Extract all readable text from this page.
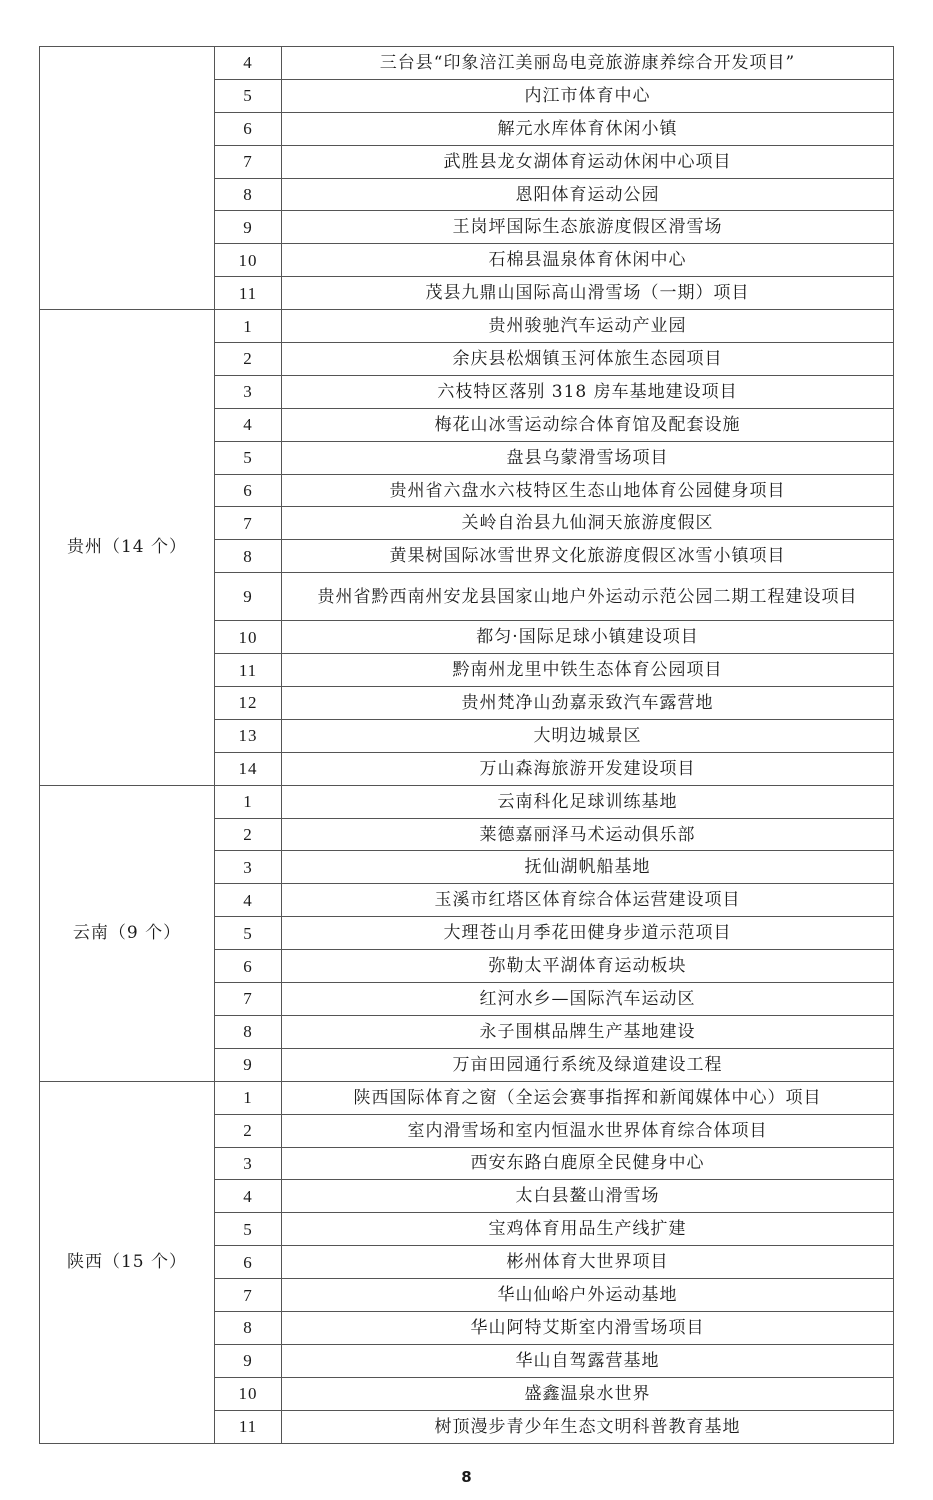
	4	三台县“印象涪江美丽岛电竞旅游康养综合开发项目”
	5	内江市体育中心
	6	解元水库体育休闲小镇
	7	武胜县龙女湖体育运动休闲中心项目
	8	恩阳体育运动公园
	9	王岗坪国际生态旅游度假区滑雪场
	10	石棉县温泉体育休闲中心
	11	茂县九鼎山国际高山滑雪场（一期）项目
贵州（14 个）	1	贵州骏驰汽车运动产业园
	2	余庆县松烟镇玉河体旅生态园项目
	3	六枝特区落别 318 房车基地建设项目
	4	梅花山冰雪运动综合体育馆及配套设施
	5	盘县乌蒙滑雪场项目
	6	贵州省六盘水六枝特区生态山地体育公园健身项目
	7	关岭自治县九仙洞天旅游度假区
	8	黄果树国际冰雪世界文化旅游度假区冰雪小镇项目
	9	贵州省黔西南州安龙县国家山地户外运动示范公园二期工程建设项目
	10	都匀·国际足球小镇建设项目
	11	黔南州龙里中铁生态体育公园项目
	12	贵州梵净山劲嘉汞致汽车露营地
	13	大明边城景区
	14	万山森海旅游开发建设项目
云南（9 个）	1	云南科化足球训练基地
	2	莱德嘉丽泽马术运动俱乐部
	3	抚仙湖帆船基地
	4	玉溪市红塔区体育综合体运营建设项目
	5	大理苍山月季花田健身步道示范项目
	6	弥勒太平湖体育运动板块
	7	红河水乡—国际汽车运动区
	8	永子围棋品牌生产基地建设
	9	万亩田园通行系统及绿道建设工程
陕西（15 个）	1	陕西国际体育之窗（全运会赛事指挥和新闻媒体中心）项目
	2	室内滑雪场和室内恒温水世界体育综合体项目
	3	西安东路白鹿原全民健身中心
	4	太白县鳌山滑雪场
	5	宝鸡体育用品生产线扩建
	6	彬州体育大世界项目
	7	华山仙峪户外运动基地
	8	华山阿特艾斯室内滑雪场项目
	9	华山自驾露营基地
	10	盛鑫温泉水世界
	11	树顶漫步青少年生态文明科普教育基地
8
